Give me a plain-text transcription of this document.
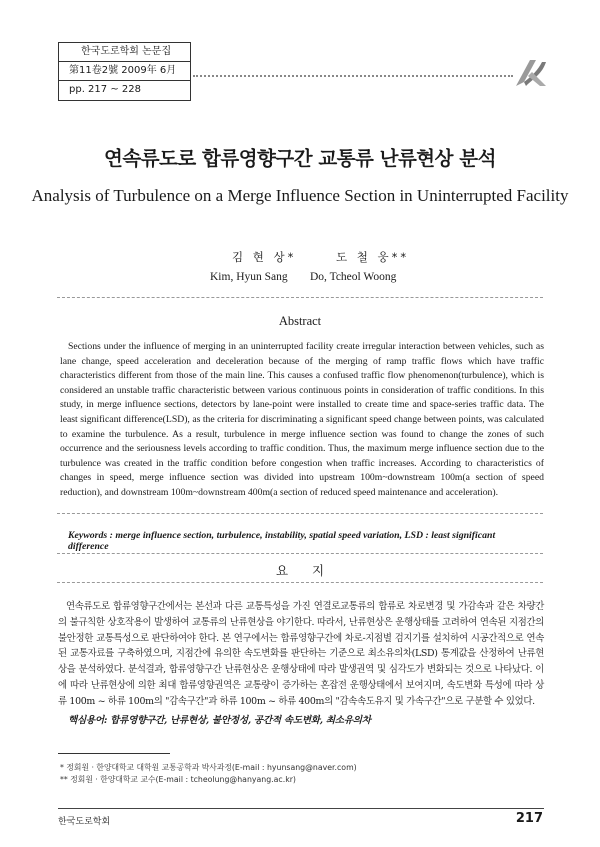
한국도로학회 논문집
第11卷2號 2009年 6月
pp. 217 ~ 228
연속류도로 합류영향구간 교통류 난류현상 분석
Analysis of Turbulence on a Merge Influence Section in Uninterrupted Facility
김 현 상*	도 철 웅**
Kim, Hyun Sang Do, Tcheol Woong
Abstract

Sections under the influence of merging in an uninterrupted facility create irregular interaction between vehicles, such as lane change, speed acceleration and deceleration because of the merging of ramp traffic flows which have traffic characteristics different from those of the main line. This causes a confused traffic flow phenomenon(turbulence), which is considered an unstable traffic characteristic between various continuous points in consideration of traffic conditions. In this study, in merge influence sections, detectors by lane-point were installed to create time and space-series traffic data. The least significant difference(LSD), as the criteria for discriminating a significant speed change between points, was calculated to examine the turbulence. As a result, turbulence in merge influence section was found to change the zones of such occurrence and the seriousness levels according to traffic condition. Thus, the maximum merge influence section due to the turbulence was created in the traffic condition before congestion when traffic increases. According to characteristics of changes in speed, merge influence section was divided into upstream 100m~downstream 100m(a section of speed reduction), and downstream 100m~downstream 400m(a section of reduced speed maintenance and acceleration).

Keywords : merge influence section, turbulence, instability, spatial speed variation, LSD : least significant difference
요 지

연속류도로 합류영향구간에서는 본선과 다른 교통특성을 가진 연결로교통류의 합류로 차로변경 및 가감속과 같은 차량간의 불규칙한 상호작용이 발생하여 교통류의 난류현상을 야기한다. 따라서, 난류현상은 운행상태를 고려하여 연속된 지점간의 불안정한 교통특성으로 판단하여야 한다. 본 연구에서는 합류영향구간에 차로-지점별 검지기를 설치하여 시공간적으로 연속된 교통자료를 구축하였으며, 지점간에 유의한 속도변화를 판단하는 기준으로 최소유의차(LSD) 통계값을 산정하여 난류현상을 분석하였다. 분석결과, 합류영향구간 난류현상은 운행상태에 따라 발생권역 및 심각도가 변화되는 것으로 나타났다. 이에 따라 난류현상에 의한 최대 합류영향권역은 교통량이 증가하는 혼잡전 운행상태에서 보여지며, 속도변화 특성에 따라 상류 100m ~ 하류 100m의 "감속구간"과 하류 100m ~ 하류 400m의 "감속속도유지 및 가속구간"으로 구분할 수 있었다.

핵심용어: 합류영향구간, 난류현상, 불안정성, 공간적 속도변화, 최소유의차
* 정회원 · 한양대학교 대학원 교통공학과 박사과정(E-mail : hyunsang@naver.com)
** 정회원 · 한양대학교 교수(E-mail : tcheolung@hanyang.ac.kr)
한국도로학회	217
